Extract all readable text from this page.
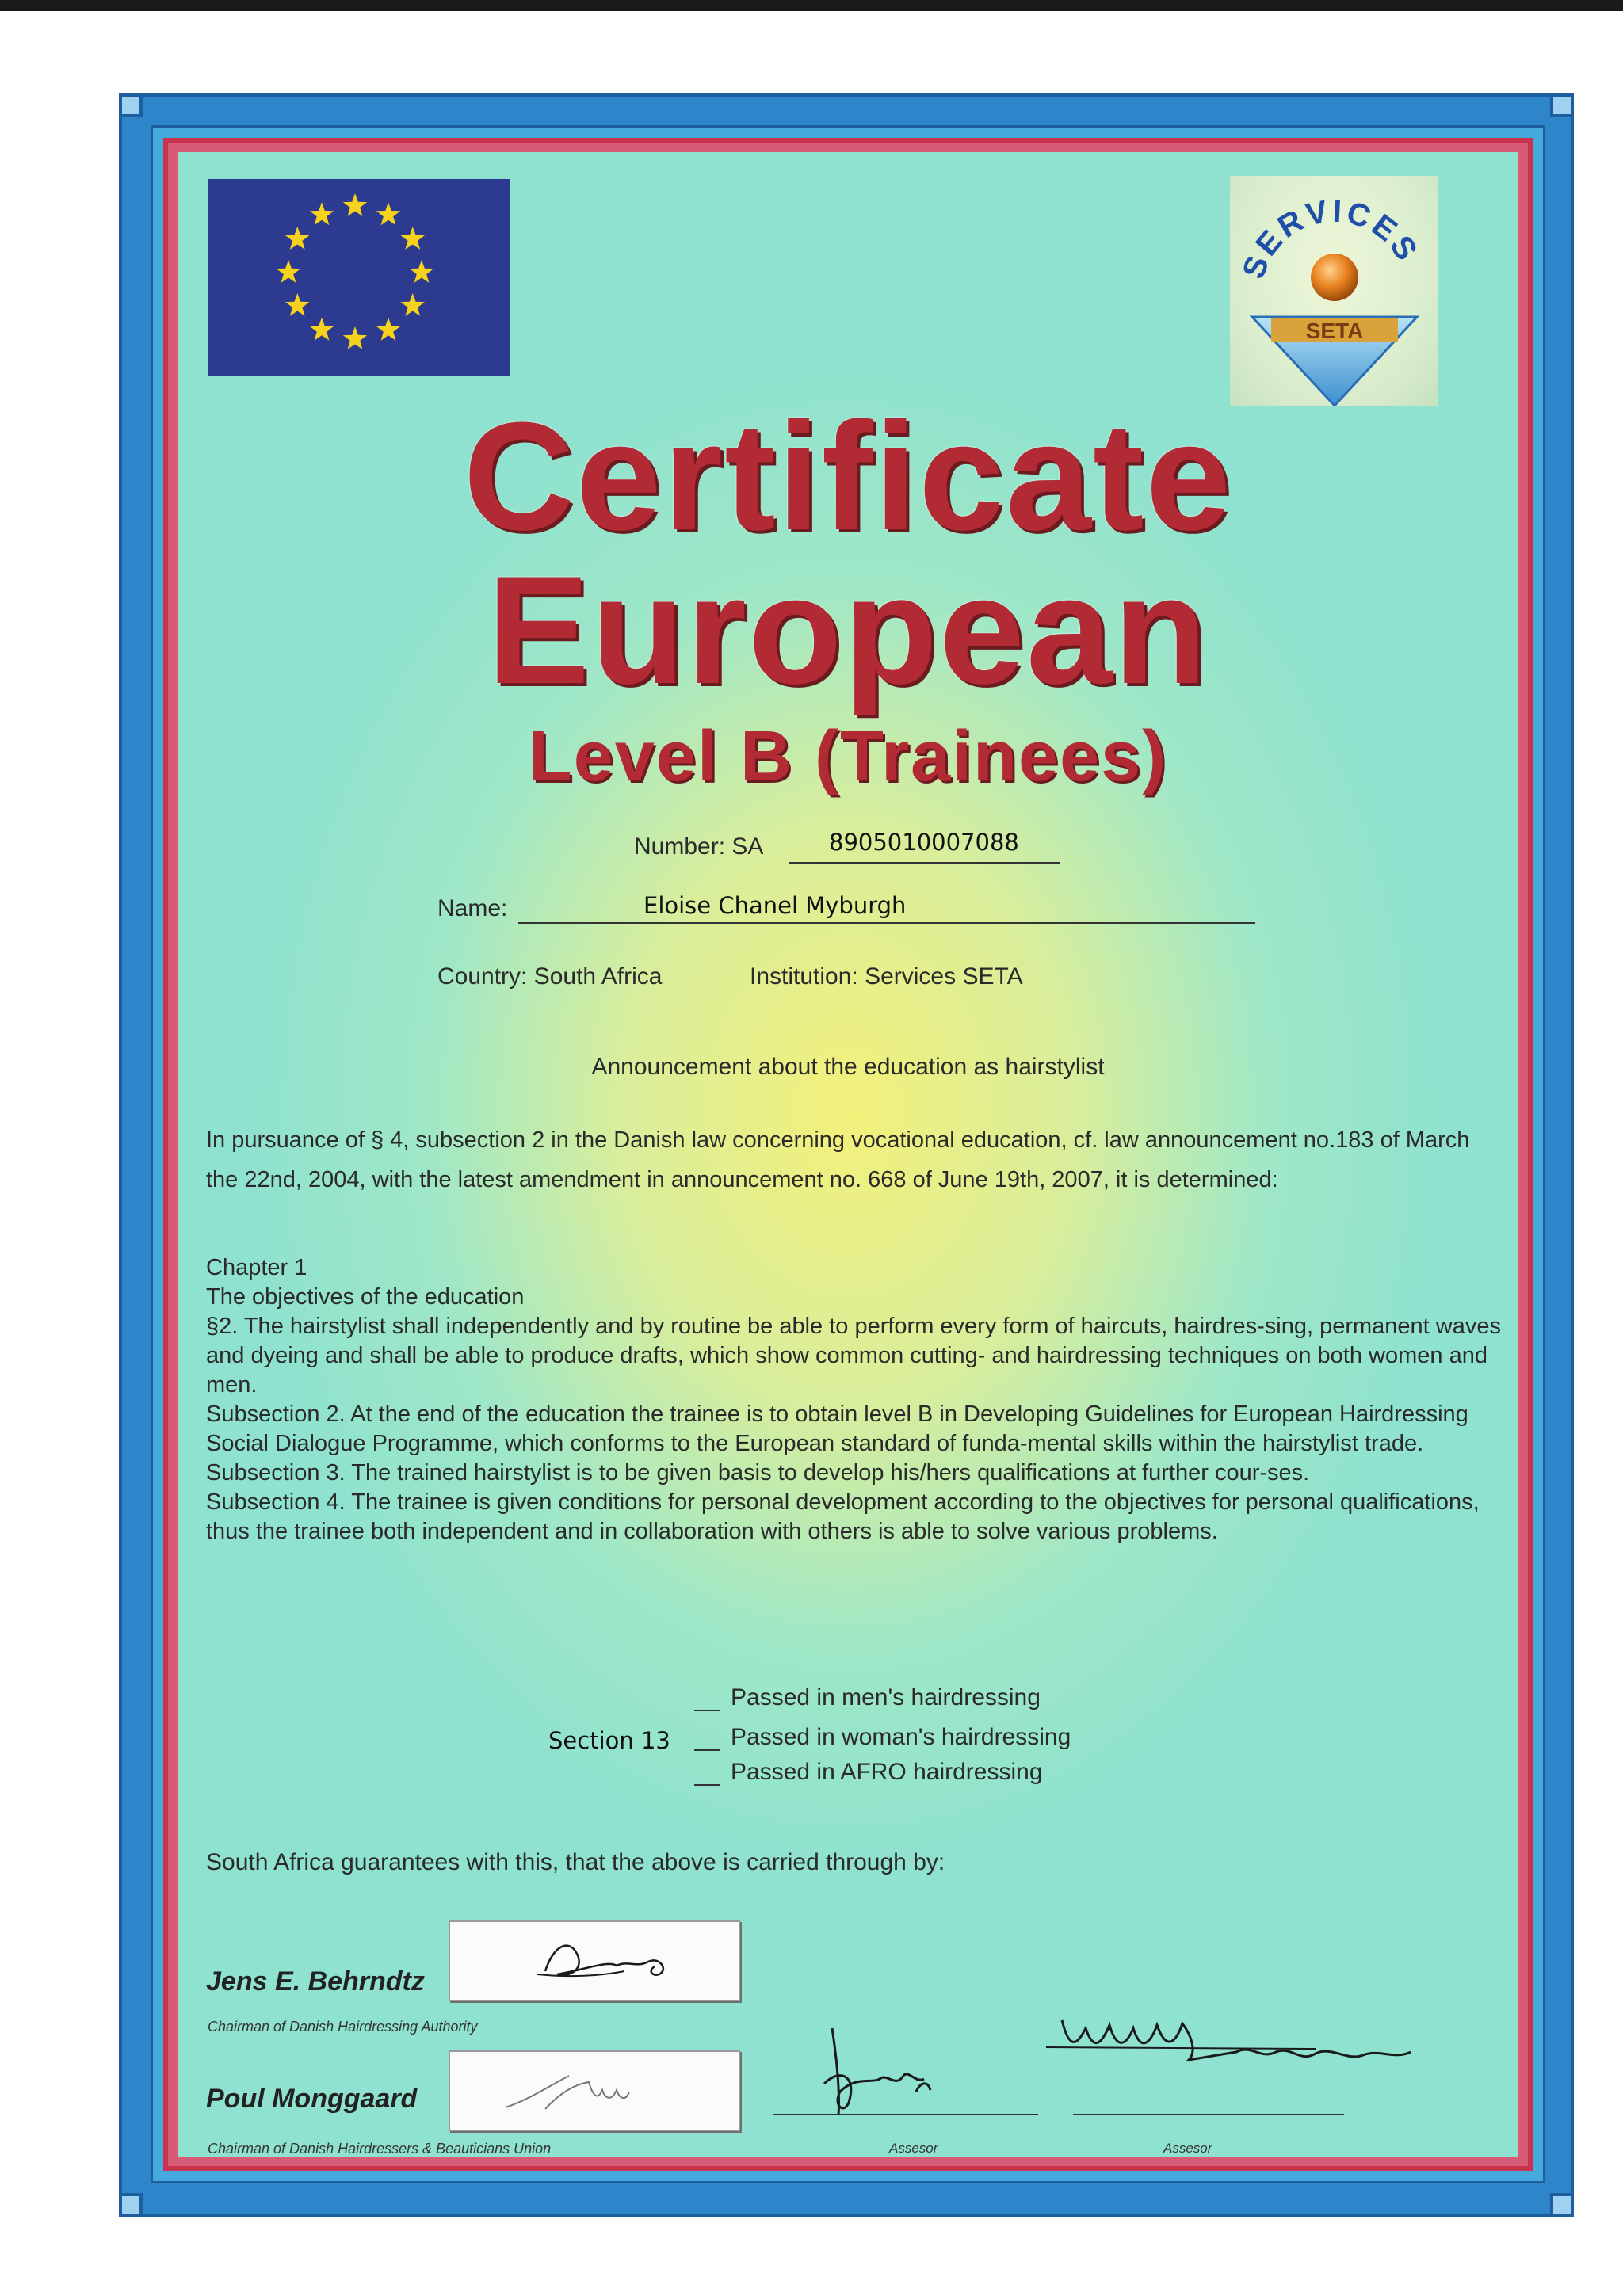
SERVICES
SETA
Certificate
European
Level B (Trainees)
Number: SA	8905010007088
Name:	Eloise Chanel Myburgh
Country: South Africa	Institution: Services SETA
Announcement about the education as hairstylist

In pursuance of § 4, subsection 2 in the Danish law concerning vocational education, cf. law announcement no.183 of March the 22nd, 2004, with the latest amendment in announcement no. 668 of June 19th, 2007, it is determined:

Chapter 1

The objectives of the education

§2. The hairstylist shall independently and by routine be able to perform every form of haircuts, hairdres-sing, permanent waves and dyeing and shall be able to produce drafts, which show common cutting- and hairdressing techniques on both women and men.

Subsection 2. At the end of the education the trainee is to obtain level B in Developing Guidelines for European Hairdressing Social Dialogue Programme, which conforms to the European standard of funda-mental skills within the hairstylist trade.

Subsection 3. The trained hairstylist is to be given basis to develop his/hers qualifications at further cour-ses.

Subsection 4. The trainee is given conditions for personal development according to the objectives for personal qualifications, thus the trainee both independent and in collaboration with others is able to solve various problems.

Section 13
Passed in men's hairdressing
Passed in woman's hairdressing
Passed in AFRO hairdressing
South Africa guarantees with this, that the above is carried through by:
Jens E. Behrndtz
Chairman of Danish Hairdressing Authority
Poul Monggaard
Chairman of Danish Hairdressers & Beauticians Union	Assesor	Assesor
